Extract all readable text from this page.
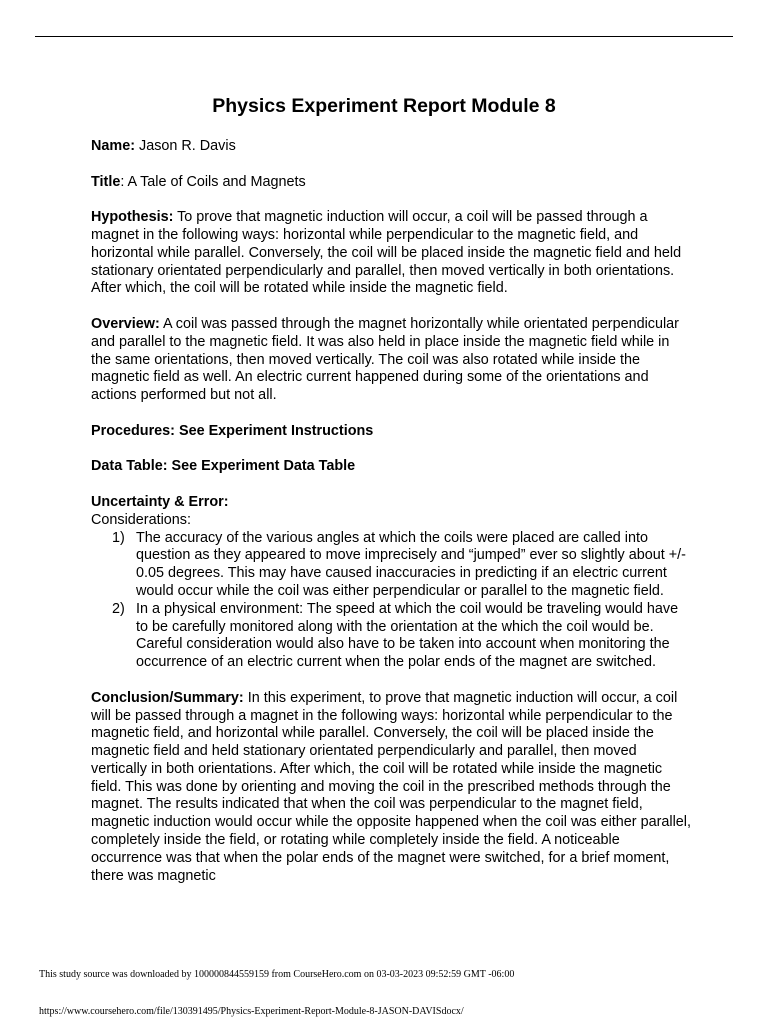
Physics Experiment Report Module 8
Name: Jason R. Davis
Title: A Tale of Coils and Magnets
Hypothesis: To prove that magnetic induction will occur, a coil will be passed through a magnet in the following ways: horizontal while perpendicular to the magnetic field, and horizontal while parallel. Conversely, the coil will be placed inside the magnetic field and held stationary orientated perpendicularly and parallel, then moved vertically in both orientations. After which, the coil will be rotated while inside the magnetic field.
Overview: A coil was passed through the magnet horizontally while orientated perpendicular and parallel to the magnetic field. It was also held in place inside the magnetic field while in the same orientations, then moved vertically. The coil was also rotated while inside the magnetic field as well. An electric current happened during some of the orientations and actions performed but not all.
Procedures: See Experiment Instructions
Data Table: See Experiment Data Table
Uncertainty & Error:
Considerations:
1) The accuracy of the various angles at which the coils were placed are called into question as they appeared to move imprecisely and “jumped” ever so slightly about +/- 0.05 degrees. This may have caused inaccuracies in predicting if an electric current would occur while the coil was either perpendicular or parallel to the magnetic field.
2) In a physical environment: The speed at which the coil would be traveling would have to be carefully monitored along with the orientation at the which the coil would be. Careful consideration would also have to be taken into account when monitoring the occurrence of an electric current when the polar ends of the magnet are switched.
Conclusion/Summary: In this experiment, to prove that magnetic induction will occur, a coil will be passed through a magnet in the following ways: horizontal while perpendicular to the magnetic field, and horizontal while parallel. Conversely, the coil will be placed inside the magnetic field and held stationary orientated perpendicularly and parallel, then moved vertically in both orientations. After which, the coil will be rotated while inside the magnetic field. This was done by orienting and moving the coil in the prescribed methods through the magnet. The results indicated that when the coil was perpendicular to the magnet field, magnetic induction would occur while the opposite happened when the coil was either parallel, completely inside the field, or rotating while completely inside the field. A noticeable occurrence was that when the polar ends of the magnet were switched, for a brief moment, there was magnetic
This study source was downloaded by 100000844559159 from CourseHero.com on 03-03-2023 09:52:59 GMT -06:00
https://www.coursehero.com/file/130391495/Physics-Experiment-Report-Module-8-JASON-DAVISdocx/
